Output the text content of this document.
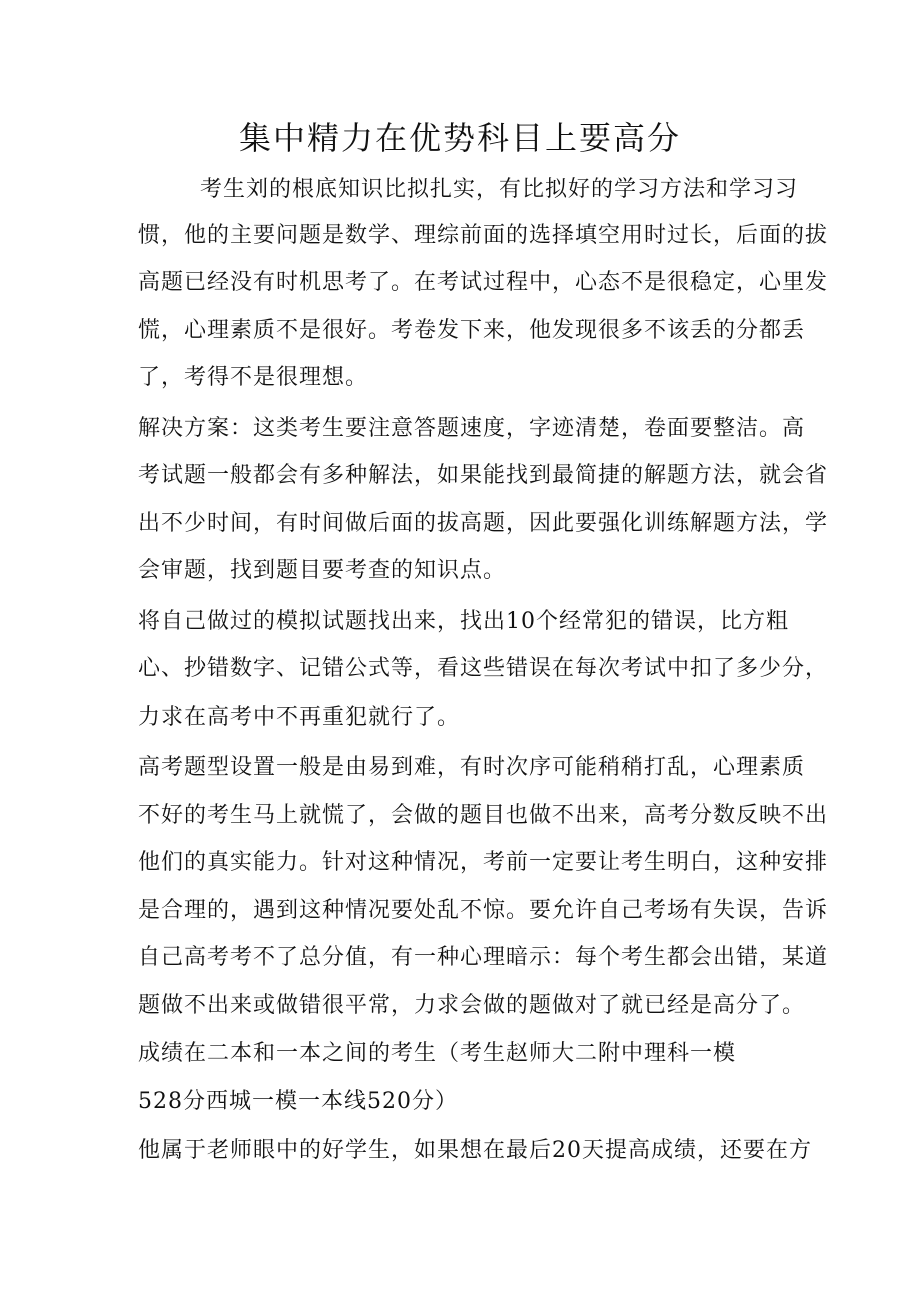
集中精力在优势科目上要高分

考生刘的根底知识比拟扎实，有比拟好的学习方法和学习习

惯，他的主要问题是数学、理综前面的选择填空用时过长，后面的拔

高题已经没有时机思考了。在考试过程中，心态不是很稳定，心里发

慌，心理素质不是很好。考卷发下来，他发现很多不该丢的分都丢

了，考得不是很理想。

解决方案：这类考生要注意答题速度，字迹清楚，卷面要整洁。高

考试题一般都会有多种解法，如果能找到最简捷的解题方法，就会省

出不少时间，有时间做后面的拔高题，因此要强化训练解题方法，学

会审题，找到题目要考查的知识点。

将自己做过的模拟试题找出来，找出10个经常犯的错误，比方粗

心、抄错数字、记错公式等，看这些错误在每次考试中扣了多少分，

力求在高考中不再重犯就行了。

高考题型设置一般是由易到难，有时次序可能稍稍打乱，心理素质

不好的考生马上就慌了，会做的题目也做不出来，高考分数反映不出

他们的真实能力。针对这种情况，考前一定要让考生明白，这种安排

是合理的，遇到这种情况要处乱不惊。要允许自己考场有失误，告诉

自己高考考不了总分值，有一种心理暗示：每个考生都会出错，某道

题做不出来或做错很平常，力求会做的题做对了就已经是高分了。

成绩在二本和一本之间的考生（考生赵师大二附中理科一模

528分西城一模一本线520分）

他属于老师眼中的好学生，如果想在最后20天提高成绩，还要在方
